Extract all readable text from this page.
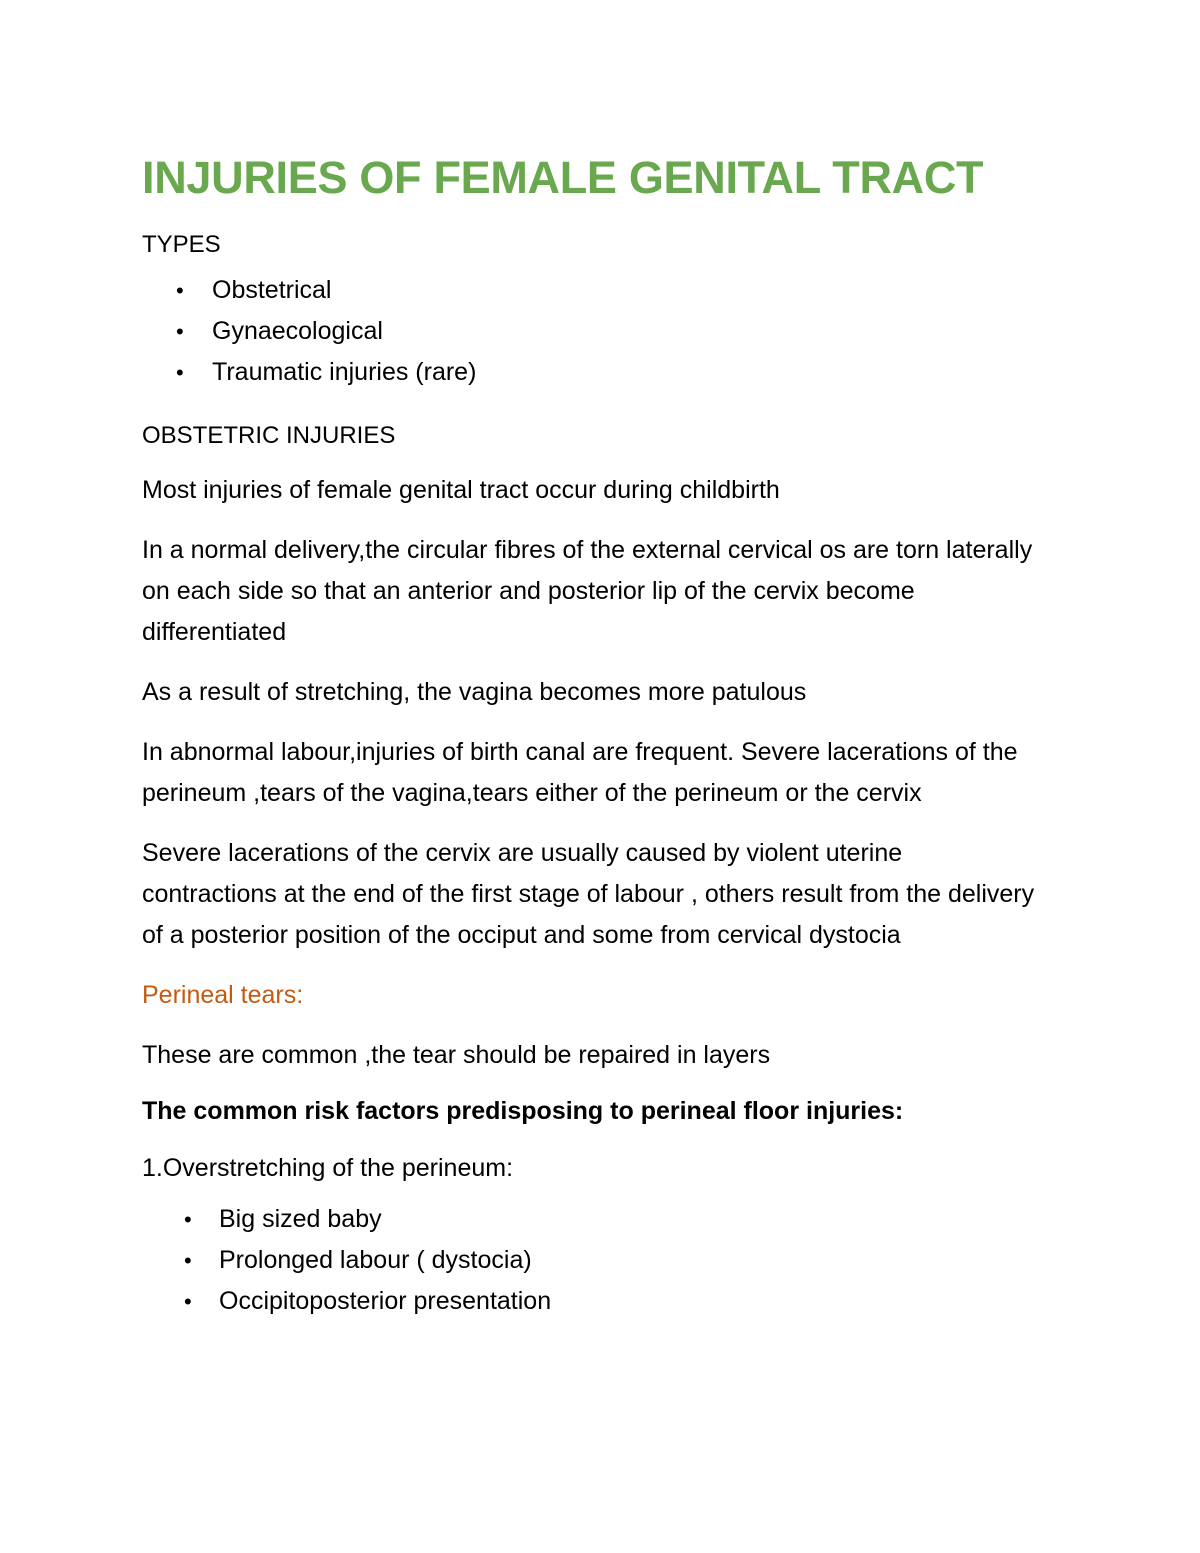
INJURIES OF FEMALE GENITAL TRACT

TYPES

• Obstetrical
• Gynaecological
• Traumatic injuries (rare)

OBSTETRIC INJURIES

Most injuries of female genital tract occur during childbirth

In a normal delivery,the circular fibres of the external cervical os are torn laterally on each side so that an anterior and posterior lip of the cervix become differentiated

As a result of stretching, the vagina becomes more patulous

In abnormal labour,injuries of birth canal are frequent. Severe lacerations of the perineum ,tears of the vagina,tears either of the perineum or the cervix

Severe lacerations of the cervix are usually caused by violent uterine contractions at the end of the first stage of labour , others result from the delivery of a posterior position of the occiput and some from cervical dystocia

Perineal tears:

These are common ,the tear should be repaired in layers

The common risk factors predisposing to perineal floor injuries:

1.Overstretching of the perineum:

• Big sized baby
• Prolonged labour ( dystocia)
• Occipitoposterior presentation
